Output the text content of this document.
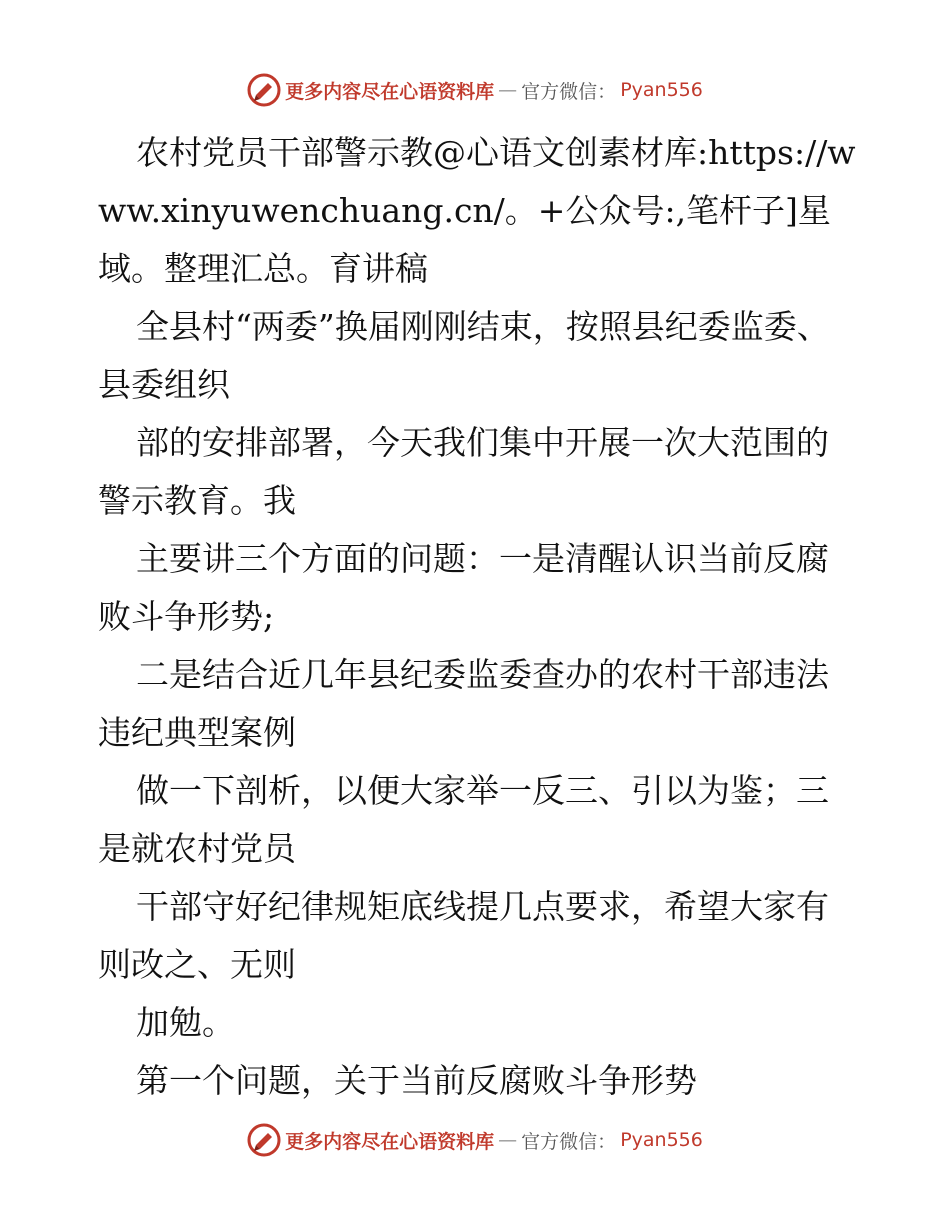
更多内容尽在心语资料库 — 官方微信： Pyan556

农村党员干部警示教@心语文创素材库:https://www.xinyuwenchuang.cn/。+公众号:,笔杆子]星域。整理汇总。育讲稿

全县村“两委”换届刚刚结束，按照县纪委监委、县委组织

部的安排部署，今天我们集中开展一次大范围的警示教育。我

主要讲三个方面的问题：一是清醒认识当前反腐败斗争形势;

二是结合近几年县纪委监委查办的农村干部违法违纪典型案例

做一下剖析，以便大家举一反三、引以为鉴；三是就农村党员

干部守好纪律规矩底线提几点要求，希望大家有则改之、无则

加勉。

第一个问题，关于当前反腐败斗争形势

更多内容尽在心语资料库 — 官方微信： Pyan556
